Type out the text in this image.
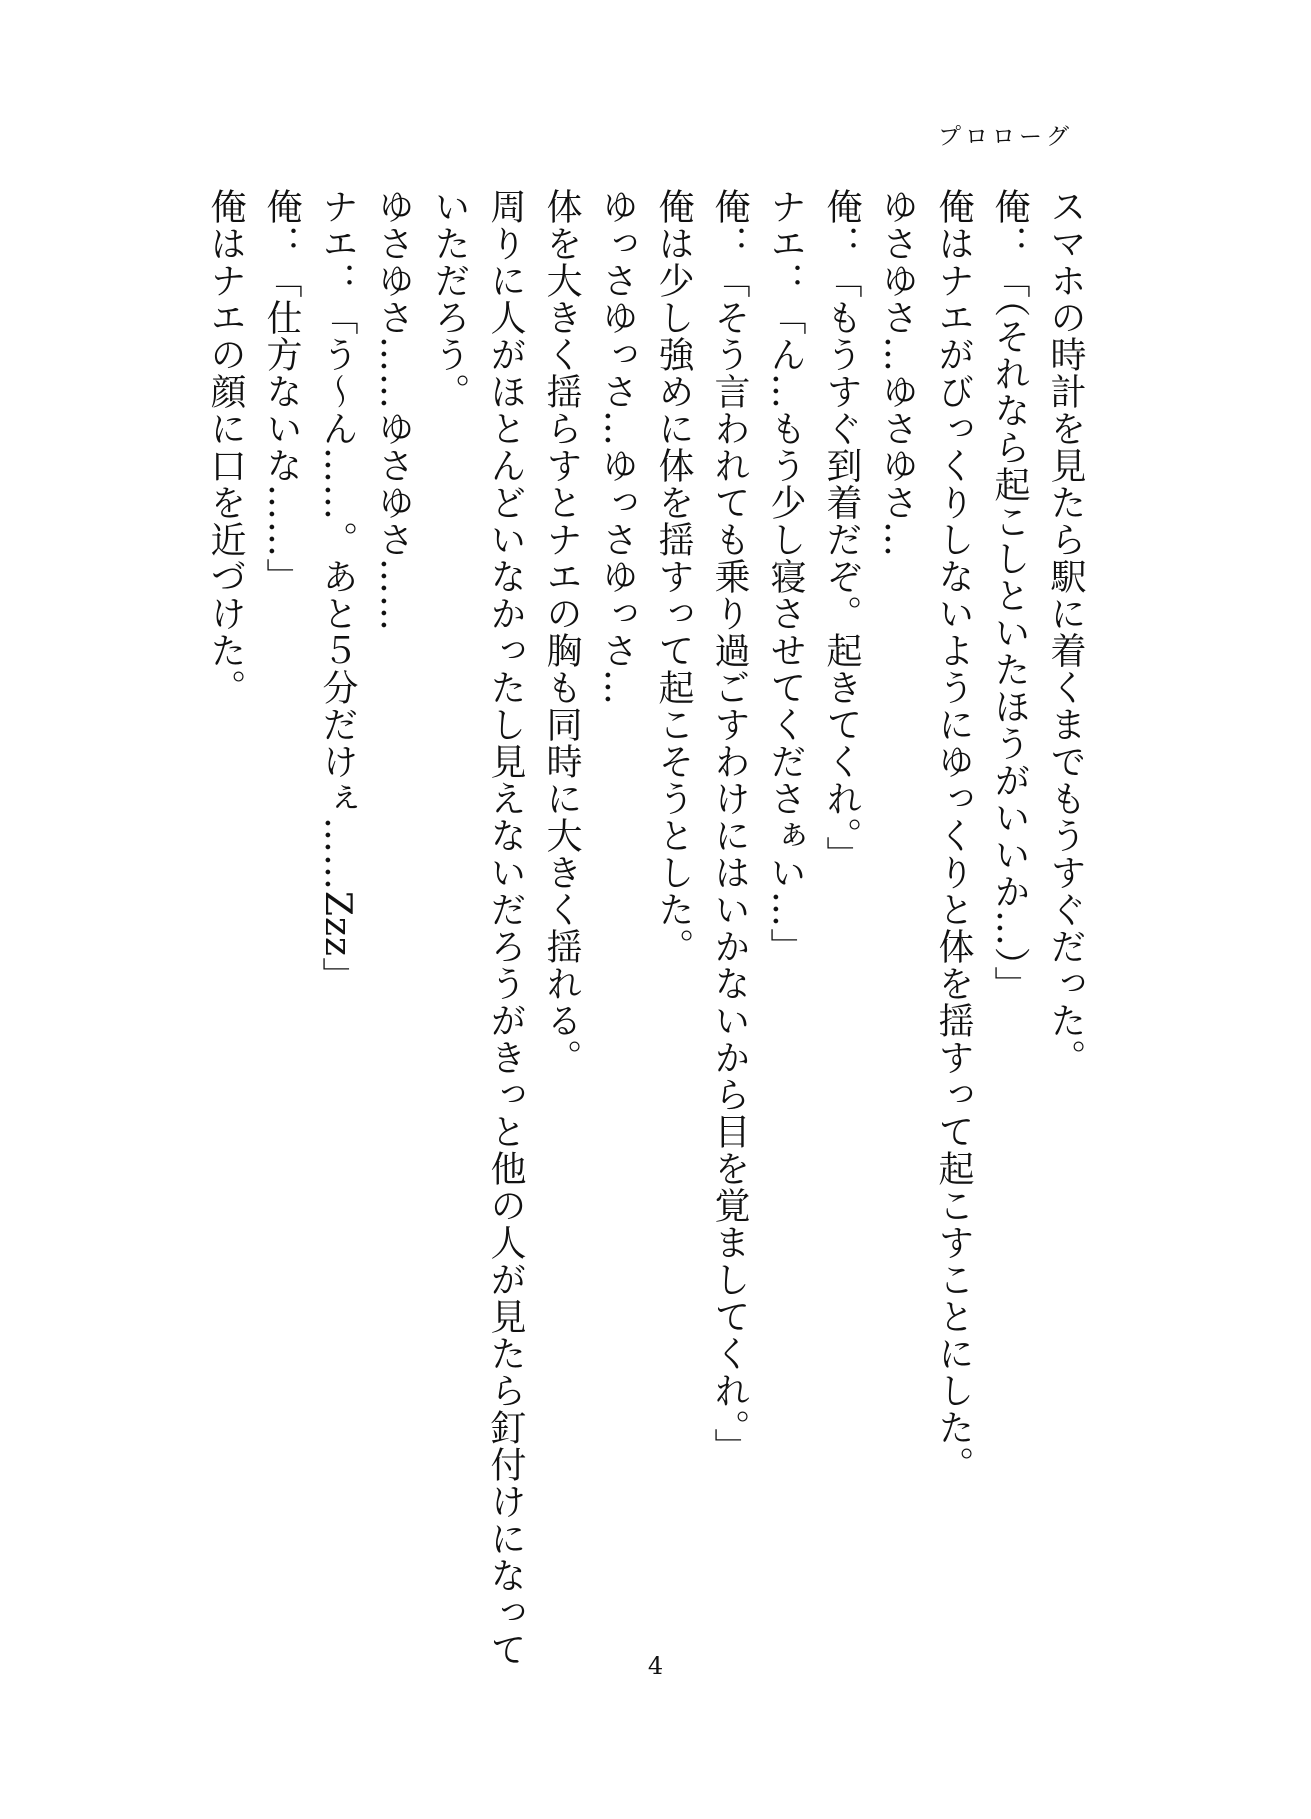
プロローグ
スマホの時計を見たら駅に着くまでもうすぐだった。
俺：「（それなら起こしといたほうがいいか…）」
俺はナエがびっくりしないようにゆっくりと体を揺すって起こすことにした。
ゆさゆさ…ゆさゆさ…
俺：「もうすぐ到着だぞ。起きてくれ。」
ナエ：「ん…もう少し寝させてくださぁい…」
俺：「そう言われても乗り過ごすわけにはいかないから目を覚ましてくれ。」
俺は少し強めに体を揺すって起こそうとした。
ゆっさゆっさ…ゆっさゆっさ…
体を大きく揺らすとナエの胸も同時に大きく揺れる。
周りに人がほとんどいなかったし見えないだろうがきっと他の人が見たら釘付けになって
いただろう。
ゆさゆさ……ゆさゆさ……
ナエ：「う～ん……。あと５分だけぇ……Zzz」
俺：「仕方ないな……」
俺はナエの顔に口を近づけた。
4
